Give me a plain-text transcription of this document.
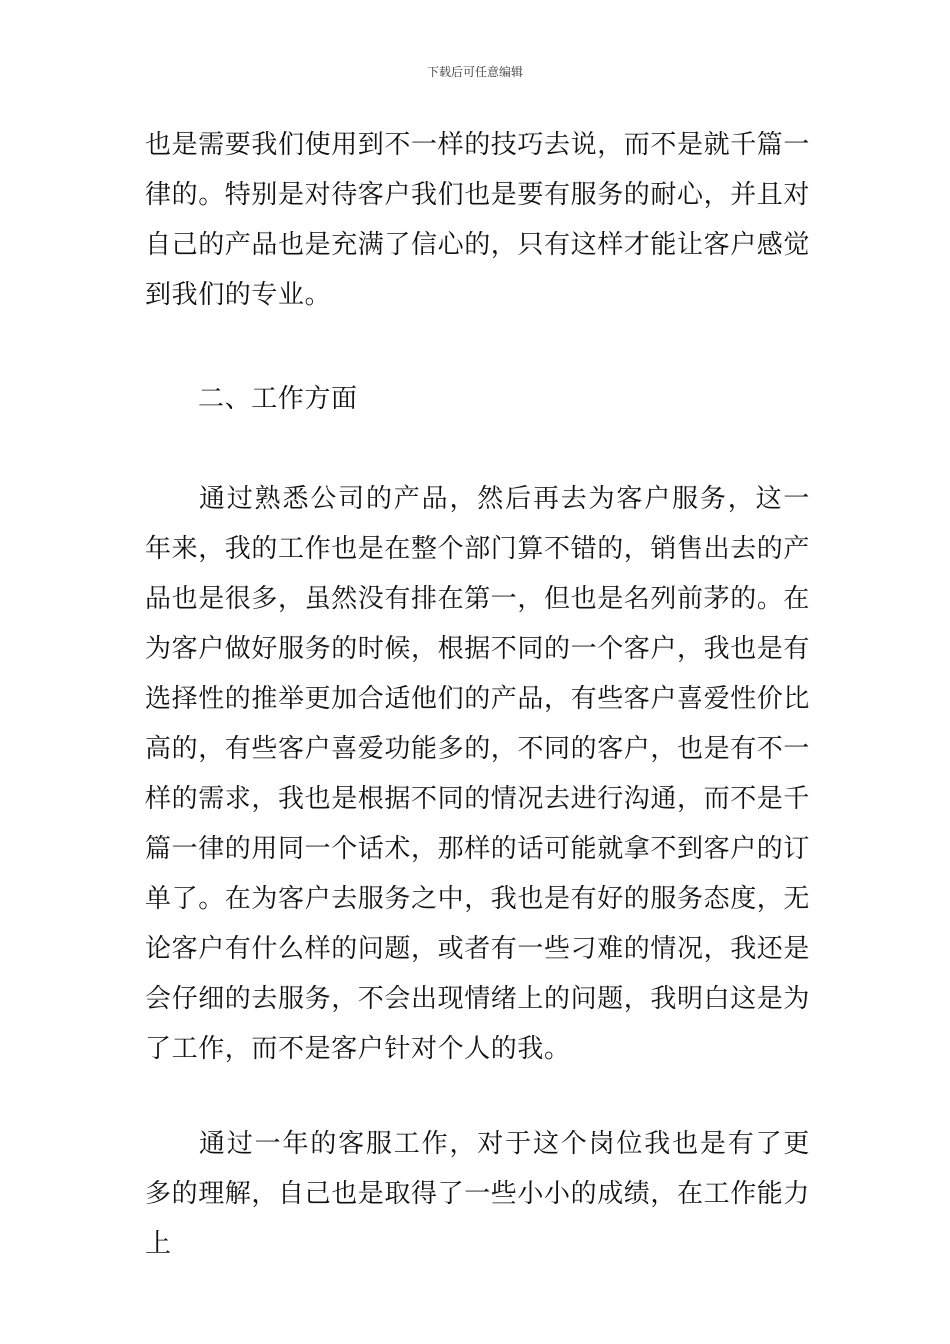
下载后可任意编辑

也是需要我们使用到不一样的技巧去说，而不是就千篇一律的。特别是对待客户我们也是要有服务的耐心，并且对自己的产品也是充满了信心的，只有这样才能让客户感觉到我们的专业。

二、工作方面

通过熟悉公司的产品，然后再去为客户服务，这一年来，我的工作也是在整个部门算不错的，销售出去的产品也是很多，虽然没有排在第一，但也是名列前茅的。在为客户做好服务的时候，根据不同的一个客户，我也是有选择性的推举更加合适他们的产品，有些客户喜爱性价比高的，有些客户喜爱功能多的，不同的客户，也是有不一样的需求，我也是根据不同的情况去进行沟通，而不是千篇一律的用同一个话术，那样的话可能就拿不到客户的订单了。在为客户去服务之中，我也是有好的服务态度，无论客户有什么样的问题，或者有一些刁难的情况，我还是会仔细的去服务，不会出现情绪上的问题，我明白这是为了工作，而不是客户针对个人的我。

通过一年的客服工作，对于这个岗位我也是有了更多的理解，自己也是取得了一些小小的成绩，在工作能力上
